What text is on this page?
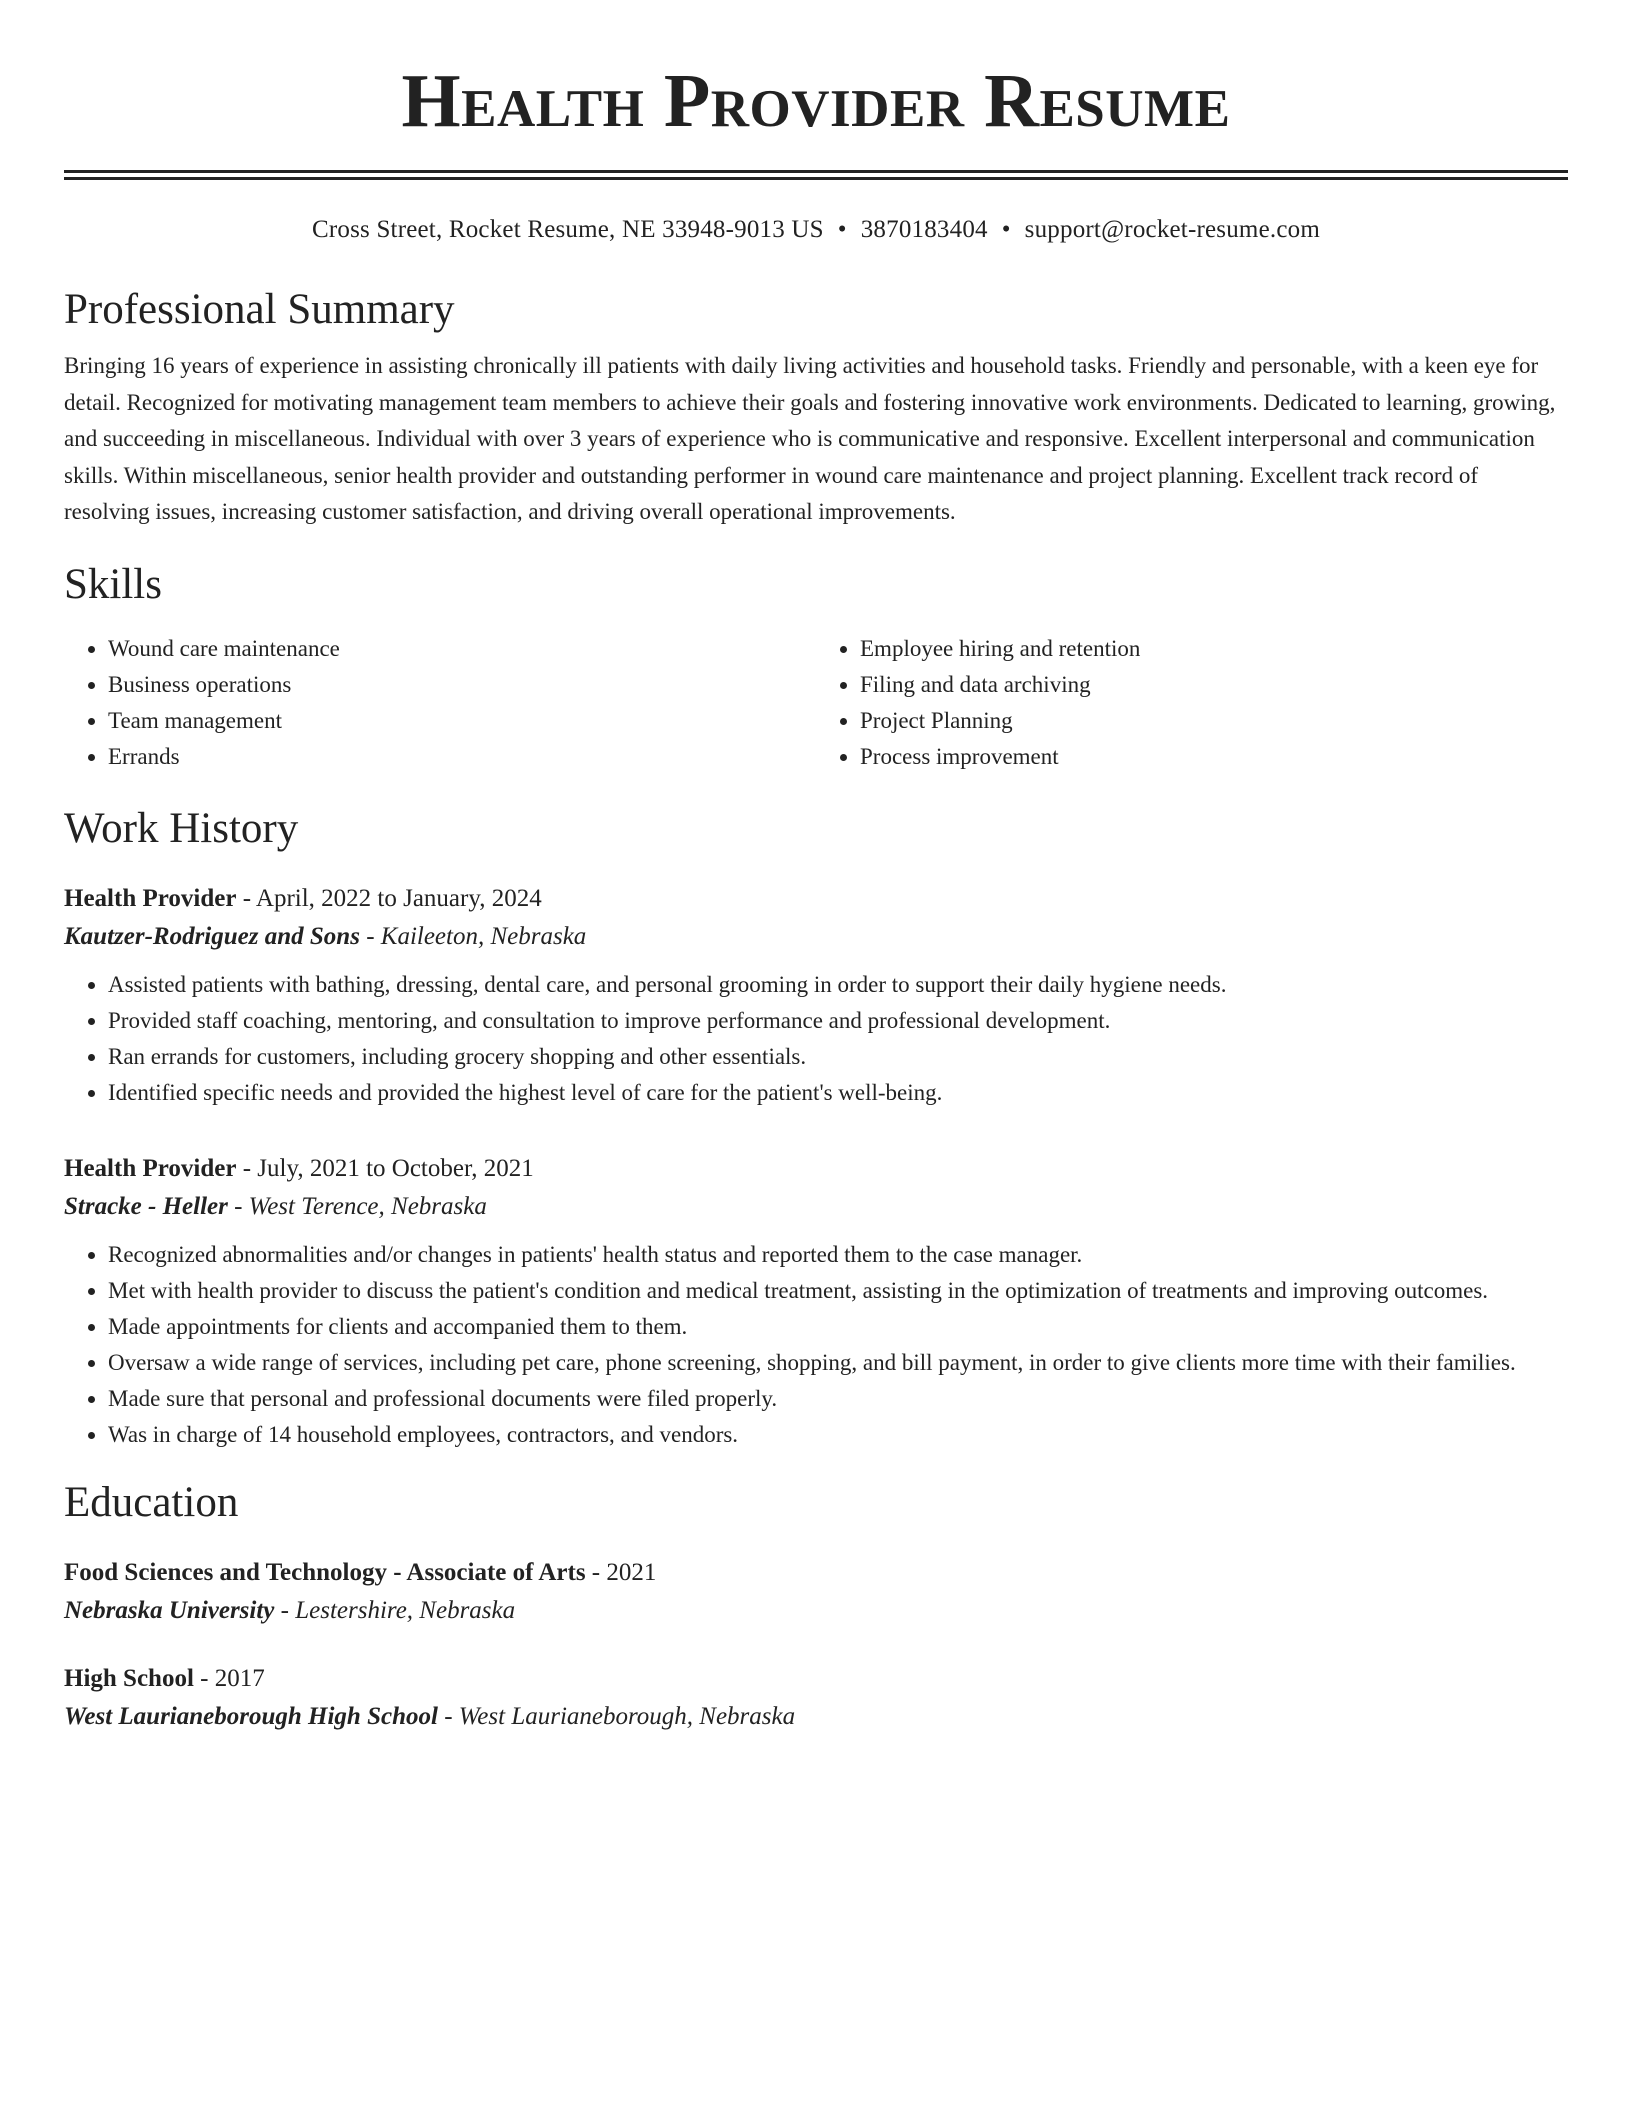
Health Provider Resume
Cross Street, Rocket Resume, NE 33948-9013 US • 3870183404 • support@rocket-resume.com
Professional Summary

Bringing 16 years of experience in assisting chronically ill patients with daily living activities and household tasks. Friendly and personable, with a keen eye for detail. Recognized for motivating management team members to achieve their goals and fostering innovative work environments. Dedicated to learning, growing, and succeeding in miscellaneous. Individual with over 3 years of experience who is communicative and responsive. Excellent interpersonal and communication skills. Within miscellaneous, senior health provider and outstanding performer in wound care maintenance and project planning. Excellent track record of resolving issues, increasing customer satisfaction, and driving overall operational improvements.

Skills
• Wound care maintenance
• Business operations
• Team management
• Errands
• Employee hiring and retention
• Filing and data archiving
• Project Planning
• Process improvement
Work History
Health Provider - April, 2022 to January, 2024
Kautzer-Rodriguez and Sons - Kaileeton, Nebraska
• Assisted patients with bathing, dressing, dental care, and personal grooming in order to support their daily hygiene needs.
• Provided staff coaching, mentoring, and consultation to improve performance and professional development.
• Ran errands for customers, including grocery shopping and other essentials.
• Identified specific needs and provided the highest level of care for the patient's well-being.
Health Provider - July, 2021 to October, 2021
Stracke - Heller - West Terence, Nebraska
• Recognized abnormalities and/or changes in patients' health status and reported them to the case manager.
• Met with health provider to discuss the patient's condition and medical treatment, assisting in the optimization of treatments and improving outcomes.
• Made appointments for clients and accompanied them to them.
• Oversaw a wide range of services, including pet care, phone screening, shopping, and bill payment, in order to give clients more time with their families.
• Made sure that personal and professional documents were filed properly.
• Was in charge of 14 household employees, contractors, and vendors.
Education
Food Sciences and Technology - Associate of Arts - 2021
Nebraska University - Lestershire, Nebraska
High School - 2017
West Laurianeborough High School - West Laurianeborough, Nebraska
